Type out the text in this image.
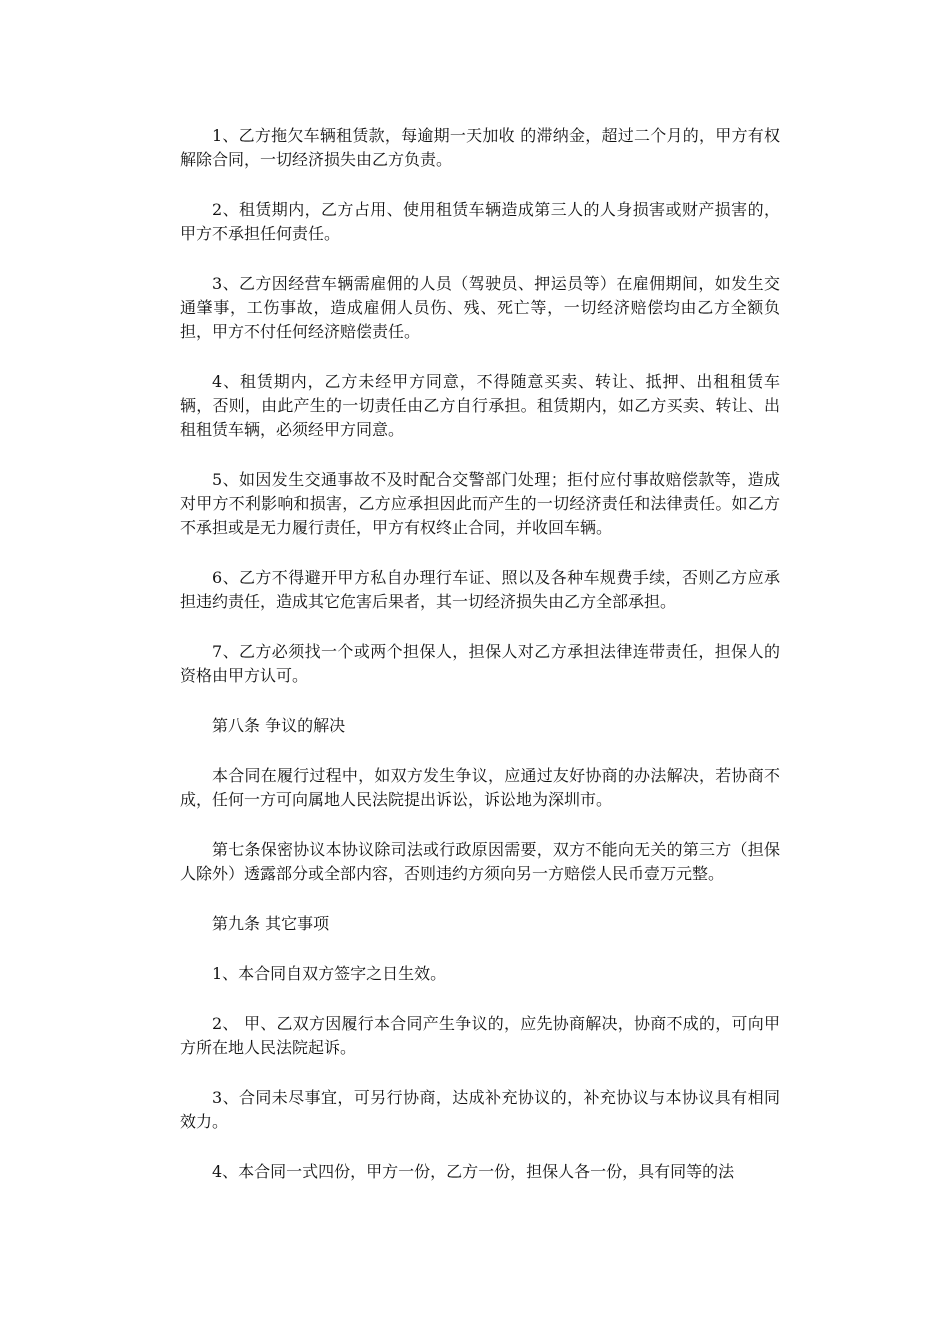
1、乙方拖欠车辆租赁款，每逾期一天加收 的滞纳金，超过二个月的，甲方有权解除合同，一切经济损失由乙方负责。

2、租赁期内，乙方占用、使用租赁车辆造成第三人的人身损害或财产损害的，甲方不承担任何责任。

3、乙方因经营车辆需雇佣的人员（驾驶员、押运员等）在雇佣期间，如发生交通肇事，工伤事故，造成雇佣人员伤、残、死亡等，一切经济赔偿均由乙方全额负担，甲方不付任何经济赔偿责任。

4、租赁期内，乙方未经甲方同意，不得随意买卖、转让、抵押、出租租赁车辆，否则，由此产生的一切责任由乙方自行承担。租赁期内，如乙方买卖、转让、出租租赁车辆，必须经甲方同意。

5、如因发生交通事故不及时配合交警部门处理；拒付应付事故赔偿款等，造成对甲方不利影响和损害，乙方应承担因此而产生的一切经济责任和法律责任。如乙方不承担或是无力履行责任，甲方有权终止合同，并收回车辆。

6、乙方不得避开甲方私自办理行车证、照以及各种车规费手续，否则乙方应承担违约责任，造成其它危害后果者，其一切经济损失由乙方全部承担。

7、乙方必须找一个或两个担保人，担保人对乙方承担法律连带责任，担保人的资格由甲方认可。

第八条 争议的解决

本合同在履行过程中，如双方发生争议，应通过友好协商的办法解决，若协商不成，任何一方可向属地人民法院提出诉讼，诉讼地为深圳市。

第七条保密协议本协议除司法或行政原因需要，双方不能向无关的第三方（担保人除外）透露部分或全部内容，否则违约方须向另一方赔偿人民币壹万元整。

第九条 其它事项

1、本合同自双方签字之日生效。

2、 甲、乙双方因履行本合同产生争议的，应先协商解决，协商不成的，可向甲方所在地人民法院起诉。

3、合同未尽事宜，可另行协商，达成补充协议的，补充协议与本协议具有相同效力。

4、本合同一式四份，甲方一份，乙方一份，担保人各一份，具有同等的法
